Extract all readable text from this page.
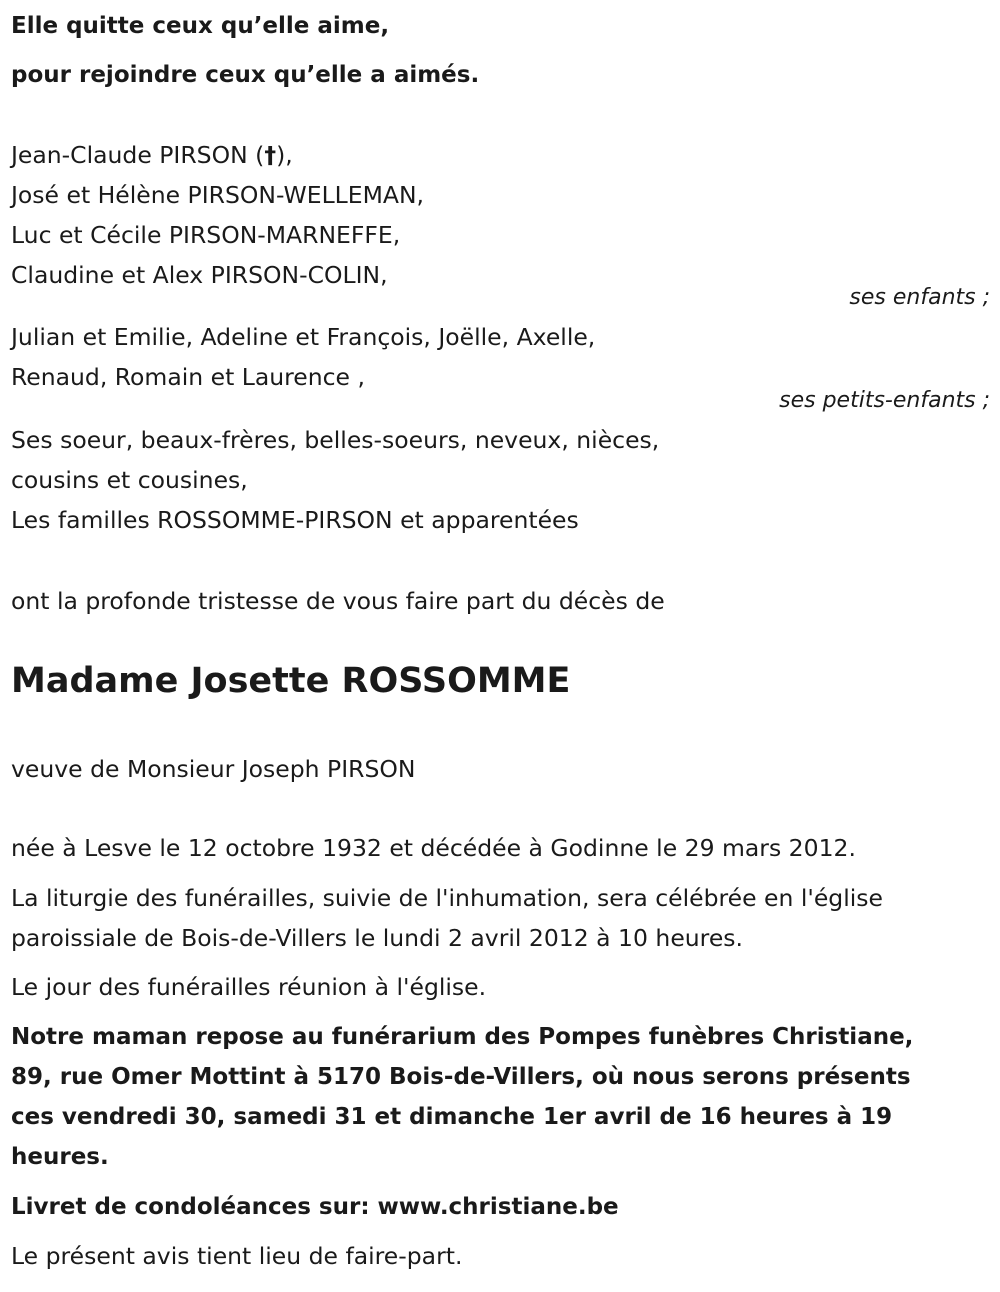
Elle quitte ceux qu’elle aime,
pour rejoindre ceux qu’elle a aimés.
Jean-Claude PIRSON (†),
José et Hélène PIRSON-WELLEMAN,
Luc et Cécile PIRSON-MARNEFFE,
Claudine et Alex PIRSON-COLIN,
ses enfants ;
Julian et Emilie, Adeline et François, Joëlle, Axelle,
Renaud, Romain et Laurence ,
ses petits-enfants ;
Ses soeur, beaux-frères, belles-soeurs, neveux, nièces,
cousins et cousines,
Les familles ROSSOMME-PIRSON et apparentées
ont la profonde tristesse de vous faire part du décès de
Madame Josette ROSSOMME
veuve de Monsieur Joseph PIRSON
née à Lesve le 12 octobre 1932 et décédée à Godinne le 29 mars 2012.
La liturgie des funérailles, suivie de l'inhumation, sera célébrée en l'église
paroissiale de Bois-de-Villers le lundi 2 avril 2012 à 10 heures.
Le jour des funérailles réunion à l'église.
Notre maman repose au funérarium des Pompes funèbres Christiane,
89, rue Omer Mottint à 5170 Bois-de-Villers, où nous serons présents
ces vendredi 30, samedi 31 et dimanche 1er avril de 16 heures à 19
heures.
Livret de condoléances sur: www.christiane.be
Le présent avis tient lieu de faire-part.
